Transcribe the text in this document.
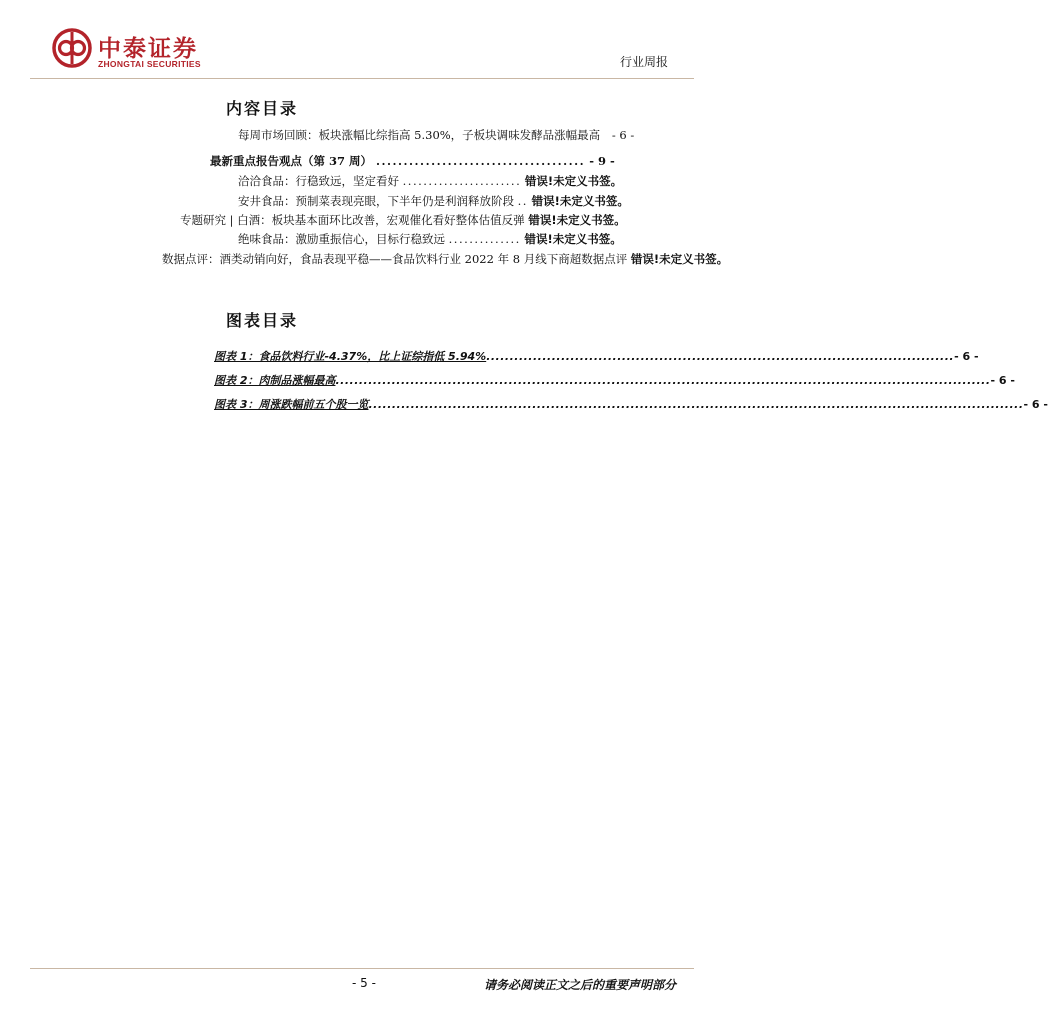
中泰证券
ZHONGTAI SECURITIES	行业周报
内容目录
每周市场回顾：板块涨幅比综指高 5.30%，子板块调味发酵品涨幅最高 - 6 -
最新重点报告观点（第 37 周） ...................................... - 9 -
洽洽食品：行稳致远，坚定看好 ....................... 错误!未定义书签。
安井食品：预制菜表现亮眼，下半年仍是利润释放阶段 .. 错误!未定义书签。
专题研究 | 白酒：板块基本面环比改善，宏观催化看好整体估值反弹 错误!未定义书签。
绝味食品：激励重振信心，目标行稳致远 .............. 错误!未定义书签。
数据点评：酒类动销向好，食品表现平稳——食品饮料行业 2022 年 8 月线下商超数据点评 错误!未定义书签。
图表目录
图表 1：食品饮料行业-4.37%，比上证综指低 5.94% .................................................................................................... - 6 -
图表 2：肉制品涨幅最高 ............................................................................................................................................ - 6 -
图表 3：周涨跌幅前五个股一览 ............................................................................................................................................ - 6 -
- 5 -	请务必阅读正文之后的重要声明部分
